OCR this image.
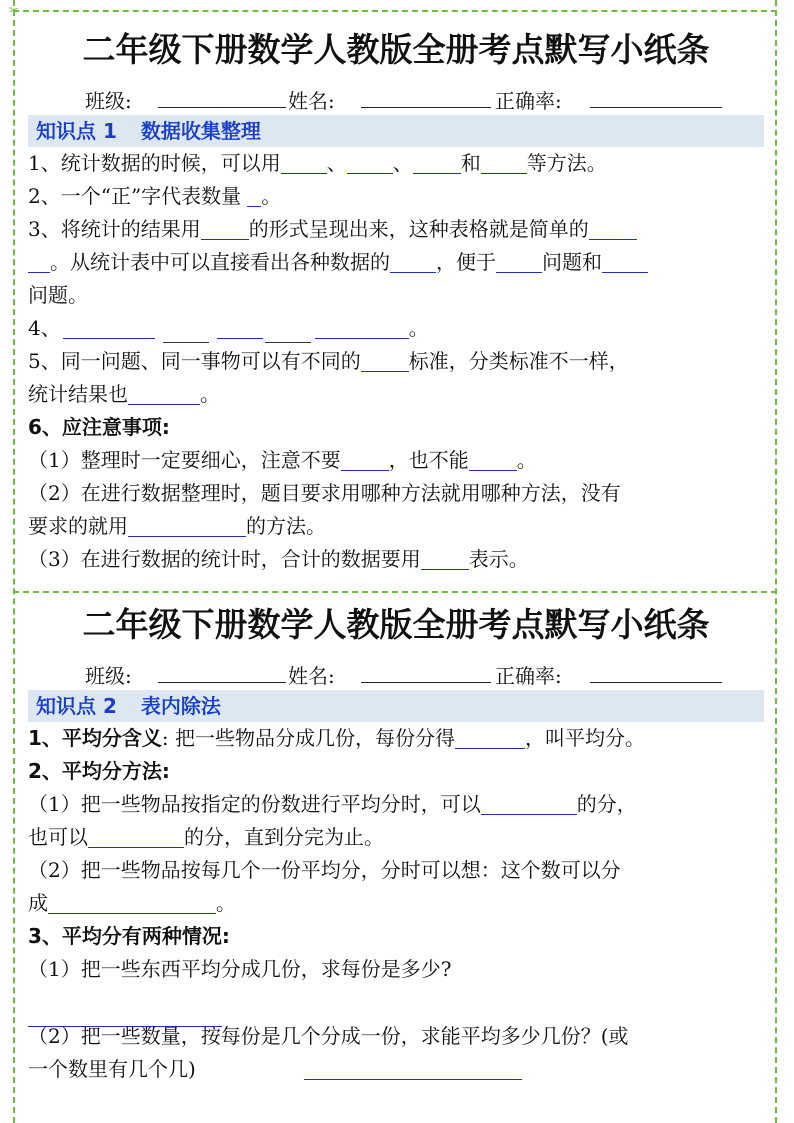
✂
二年级下册数学人教版全册考点默写小纸条
班级:	姓名:	正确率:
知识点 1 数据收集整理
1、统计数据的时候，可以用 、 、 和 等方法。
2、一个“正”字代表数量 。
3、将统计的结果用 的形式呈现出来，这种表格就是简单的
。从统计表中可以直接看出各种数据的 ，便于 问题和
问题。
4、	。
5、同一问题、同一事物可以有不同的 标准，分类标准不一样，
统计结果也	。
6、应注意事项:
（1）整理时一定要细心，注意不要 ，也不能 。
（2）在进行数据整理时，题目要求用哪种方法就用哪种方法，没有
要求的就用	的方法。
（3）在进行数据的统计时，合计的数据要用 表示。
二年级下册数学人教版全册考点默写小纸条
班级:	姓名:	正确率:
知识点 2 表内除法
1、平均分含义: 把一些物品分成几份，每份分得	，叫平均分。
2、平均分方法:
（1）把一些物品按指定的份数进行平均分时，可以	的分，
也可以	的分，直到分完为止。
（2）把一些物品按每几个一份平均分，分时可以想：这个数可以分
成	。
3、平均分有两种情况:
（1）把一些东西平均分成几份，求每份是多少?
（2）把一些数量，按每份是几个分成一份，求能平均多少几份？(或
一个数里有几个几)
